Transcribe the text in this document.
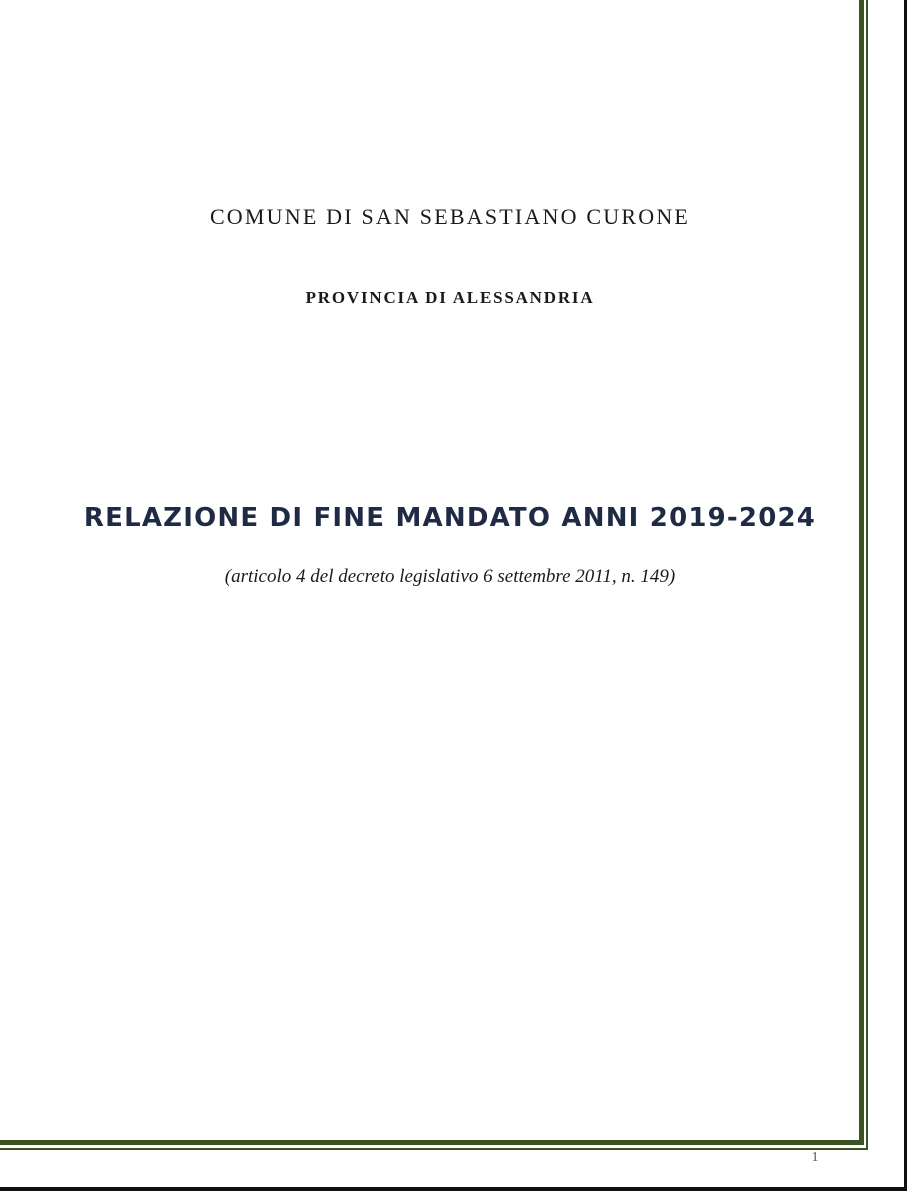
COMUNE DI SAN SEBASTIANO CURONE
PROVINCIA DI ALESSANDRIA
RELAZIONE DI FINE MANDATO ANNI 2019-2024
(articolo 4 del decreto legislativo 6 settembre 2011, n. 149)
1
